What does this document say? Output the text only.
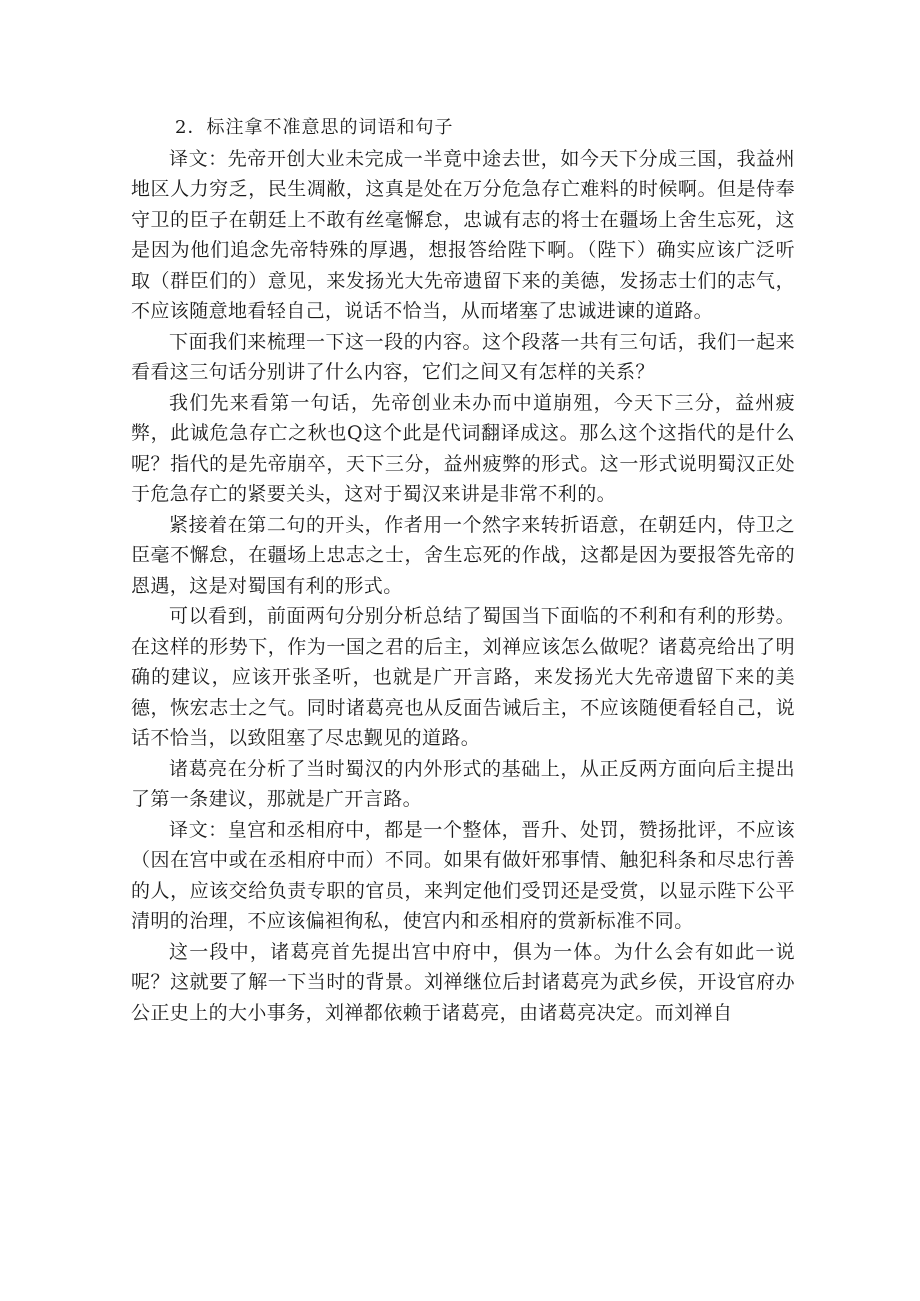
2．标注拿不准意思的词语和句子

译文：先帝开创大业未完成一半竟中途去世，如今天下分成三国，我益州地区人力穷乏，民生凋敝，这真是处在万分危急存亡难料的时候啊。但是侍奉守卫的臣子在朝廷上不敢有丝毫懈怠，忠诚有志的将士在疆场上舍生忘死，这是因为他们追念先帝特殊的厚遇，想报答给陛下啊。（陛下）确实应该广泛听取（群臣们的）意见，来发扬光大先帝遗留下来的美德，发扬志士们的志气，不应该随意地看轻自己，说话不恰当，从而堵塞了忠诚进谏的道路。

下面我们来梳理一下这一段的内容。这个段落一共有三句话，我们一起来看看这三句话分别讲了什么内容，它们之间又有怎样的关系？

我们先来看第一句话，先帝创业未办而中道崩殂，今天下三分，益州疲弊，此诚危急存亡之秋也Q这个此是代词翻译成这。那么这个这指代的是什么呢？指代的是先帝崩卒，天下三分，益州疲弊的形式。这一形式说明蜀汉正处于危急存亡的紧要关头，这对于蜀汉来讲是非常不利的。

紧接着在第二句的开头，作者用一个然字来转折语意，在朝廷内，侍卫之臣毫不懈怠，在疆场上忠志之士，舍生忘死的作战，这都是因为要报答先帝的恩遇，这是对蜀国有利的形式。

可以看到，前面两句分别分析总结了蜀国当下面临的不利和有利的形势。在这样的形势下，作为一国之君的后主，刘禅应该怎么做呢？诸葛亮给出了明确的建议，应该开张圣听，也就是广开言路，来发扬光大先帝遗留下来的美德，恢宏志士之气。同时诸葛亮也从反面告诫后主，不应该随便看轻自己，说话不恰当，以致阻塞了尽忠觐见的道路。

诸葛亮在分析了当时蜀汉的内外形式的基础上，从正反两方面向后主提出了第一条建议，那就是广开言路。

译文：皇宫和丞相府中，都是一个整体，晋升、处罚，赞扬批评，不应该（因在宫中或在丞相府中而）不同。如果有做奸邪事情、触犯科条和尽忠行善的人，应该交给负责专职的官员，来判定他们受罚还是受赏，以显示陛下公平清明的治理，不应该偏袒徇私，使宫内和丞相府的赏新标准不同。

这一段中，诸葛亮首先提出宫中府中，俱为一体。为什么会有如此一说呢？这就要了解一下当时的背景。刘禅继位后封诸葛亮为武乡侯，开设官府办公正史上的大小事务，刘禅都依赖于诸葛亮，由诸葛亮决定。而刘禅自
